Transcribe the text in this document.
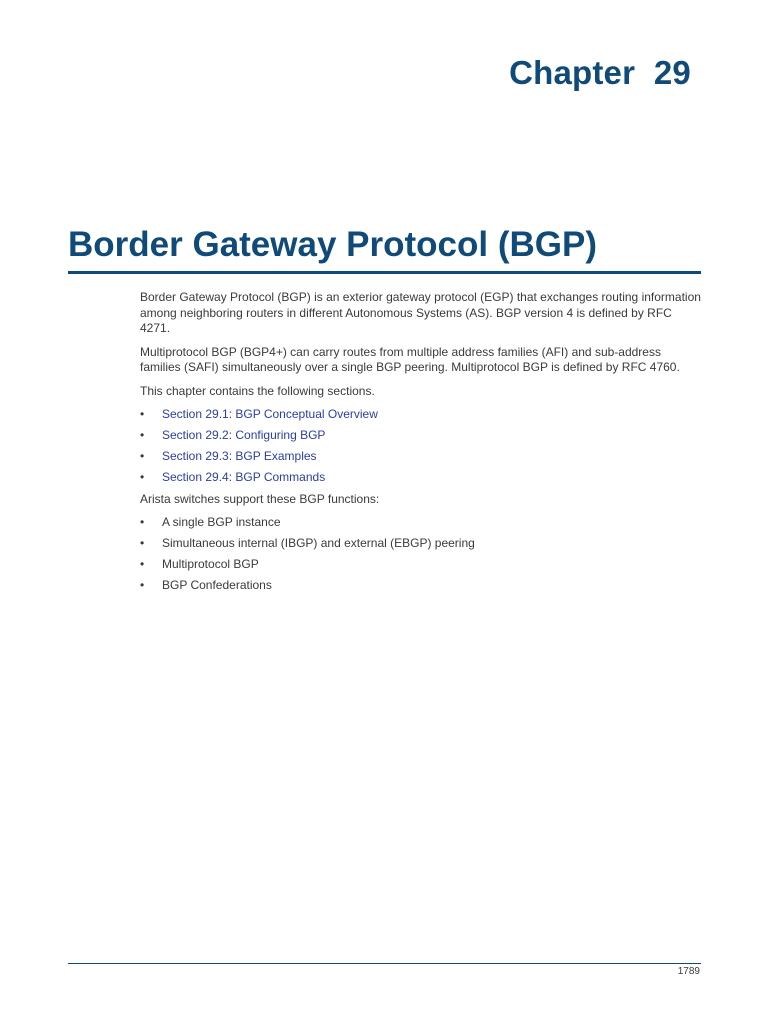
Chapter  29
Border Gateway Protocol (BGP)

Border Gateway Protocol (BGP) is an exterior gateway protocol (EGP) that exchanges routing information among neighboring routers in different Autonomous Systems (AS). BGP version 4 is defined by RFC 4271.

Multiprotocol BGP (BGP4+) can carry routes from multiple address families (AFI) and sub-address families (SAFI) simultaneously over a single BGP peering. Multiprotocol BGP is defined by RFC 4760.

This chapter contains the following sections.

• Section 29.1: BGP Conceptual Overview
• Section 29.2: Configuring BGP
• Section 29.3: BGP Examples
• Section 29.4: BGP Commands

Arista switches support these BGP functions:

• A single BGP instance
• Simultaneous internal (IBGP) and external (EBGP) peering
• Multiprotocol BGP
• BGP Confederations
1789
